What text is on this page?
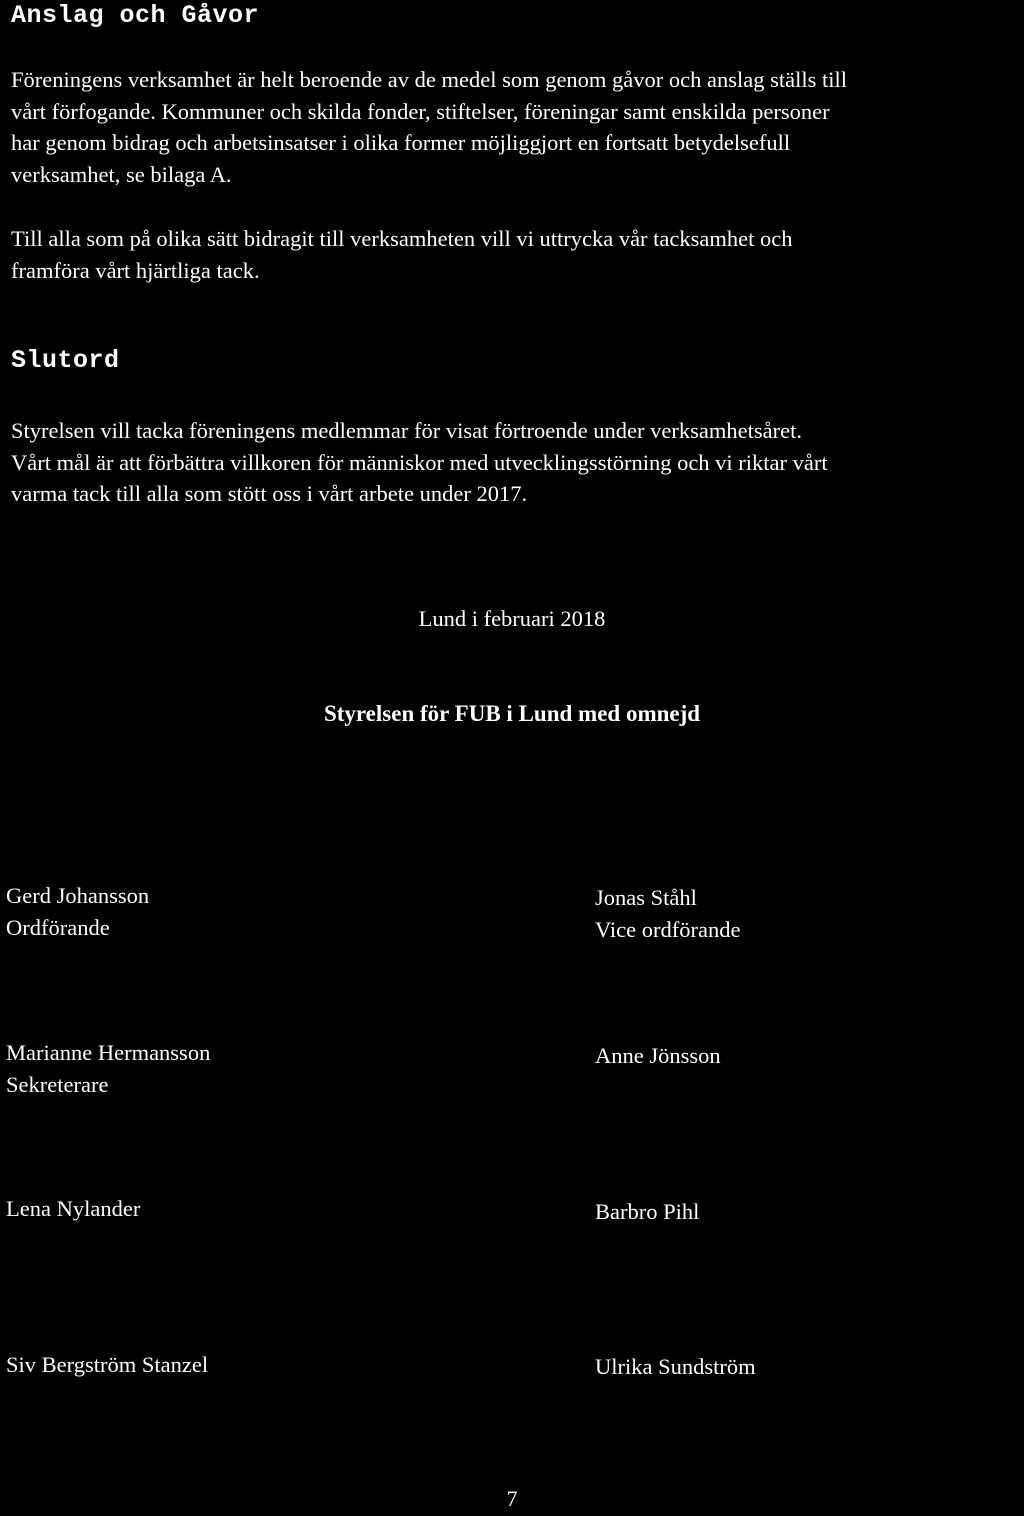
Anslag och Gåvor

Föreningens verksamhet är helt beroende av de medel som genom gåvor och anslag ställs till
vårt förfogande. Kommuner och skilda fonder, stiftelser, föreningar samt enskilda personer
har genom bidrag och arbetsinsatser i olika former möjliggjort en fortsatt betydelsefull
verksamhet, se bilaga A.

Till alla som på olika sätt bidragit till verksamheten vill vi uttrycka vår tacksamhet och
framföra vårt hjärtliga tack.

Slutord

Styrelsen vill tacka föreningens medlemmar för visat förtroende under verksamhetsåret.
Vårt mål är att förbättra villkoren för människor med utvecklingsstörning och vi riktar vårt
varma tack till alla som stött oss i vårt arbete under 2017.

Lund i februari 2018

Styrelsen för FUB i Lund med omnejd

Gerd Johansson
Ordförande
Jonas Ståhl
Vice ordförande
Marianne Hermansson
Sekreterare
Anne Jönsson
Lena Nylander	Barbro Pihl
Siv Bergström Stanzel	Ulrika Sundström

7
